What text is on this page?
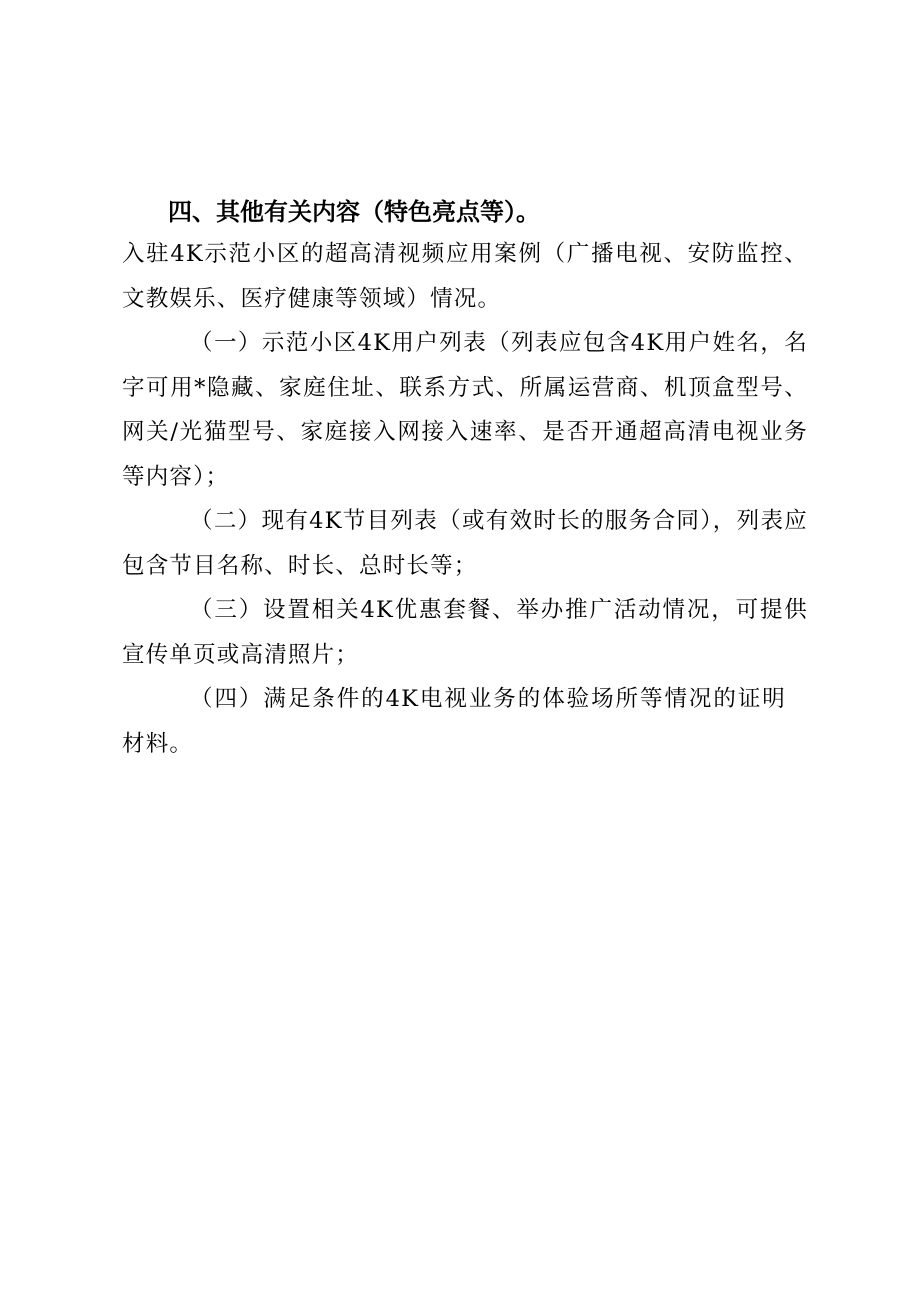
四、其他有关内容（特色亮点等）。
入驻4K示范小区的超高清视频应用案例（广播电视、安防监控、文教娱乐、医疗健康等领域）情况。
（一）示范小区4K用户列表（列表应包含4K用户姓名，名字可用*隐藏、家庭住址、联系方式、所属运营商、机顶盒型号、网关/光猫型号、家庭接入网接入速率、是否开通超高清电视业务等内容）；
（二）现有4K节目列表（或有效时长的服务合同），列表应包含节目名称、时长、总时长等；
（三）设置相关4K优惠套餐、举办推广活动情况，可提供宣传单页或高清照片；
（四）满足条件的4K电视业务的体验场所等情况的证明材料。
